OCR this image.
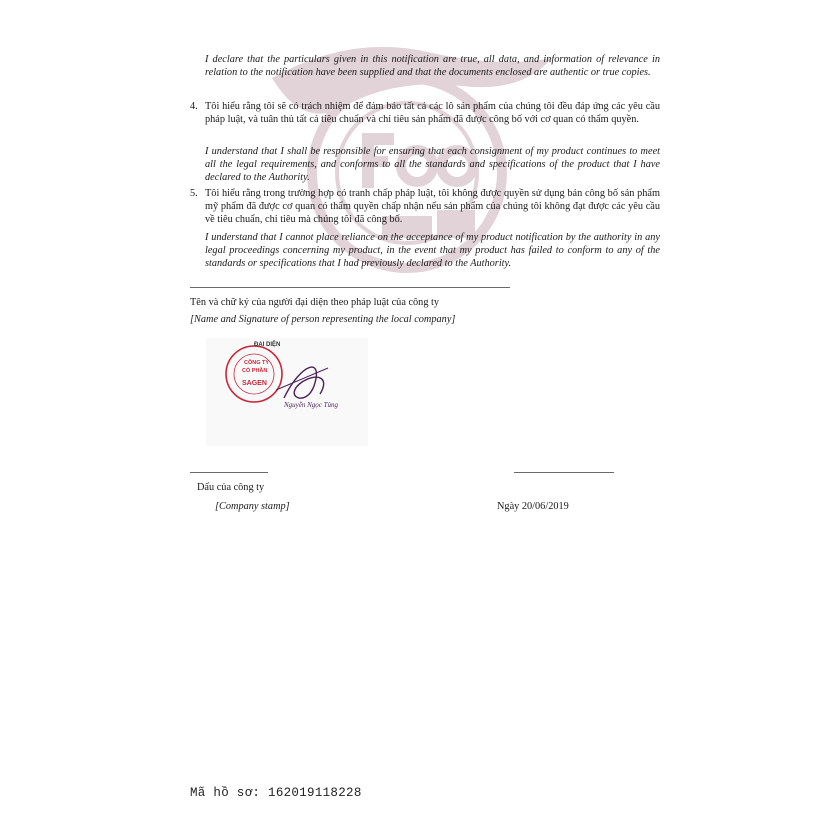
I declare that the particulars given in this notification are true, all data, and information of relevance in relation to the notification have been supplied and that the documents enclosed are authentic or true copies.
4. Tôi hiểu rằng tôi sẽ có trách nhiệm để đảm bảo tất cả các lô sản phẩm của chúng tôi đều đáp ứng các yêu cầu pháp luật, và tuân thủ tất cả tiêu chuẩn và chỉ tiêu sản phẩm đã được công bố với cơ quan có thẩm quyền.
I understand that I shall be responsible for ensuring that each consignment of my product continues to meet all the legal requirements, and conforms to all the standards and specifications of the product that I have declared to the Authority.
5. Tôi hiểu rằng trong trường hợp có tranh chấp pháp luật, tôi không được quyền sử dụng bản công bố sản phẩm mỹ phẩm đã được cơ quan có thẩm quyền chấp nhận nếu sản phẩm của chúng tôi không đạt được các yêu cầu về tiêu chuẩn, chỉ tiêu mà chúng tôi đã công bố.
I understand that I cannot place reliance on the acceptance of my product notification by the authority in any legal proceedings concerning my product, in the event that my product has failed to conform to any of the standards or specifications that I had previously declared to the Authority.
Tên và chữ ký của người đại diện theo pháp luật của công ty
[Name and Signature of person representing the local company]
ĐẠI DIỆN
CÔNG TY
CỔ PHẦN
SAGEN
Nguyễn Ngọc Tùng
Dấu của công ty
[Company stamp]	Ngày 20/06/2019
Mã hồ sơ: 162019118228
